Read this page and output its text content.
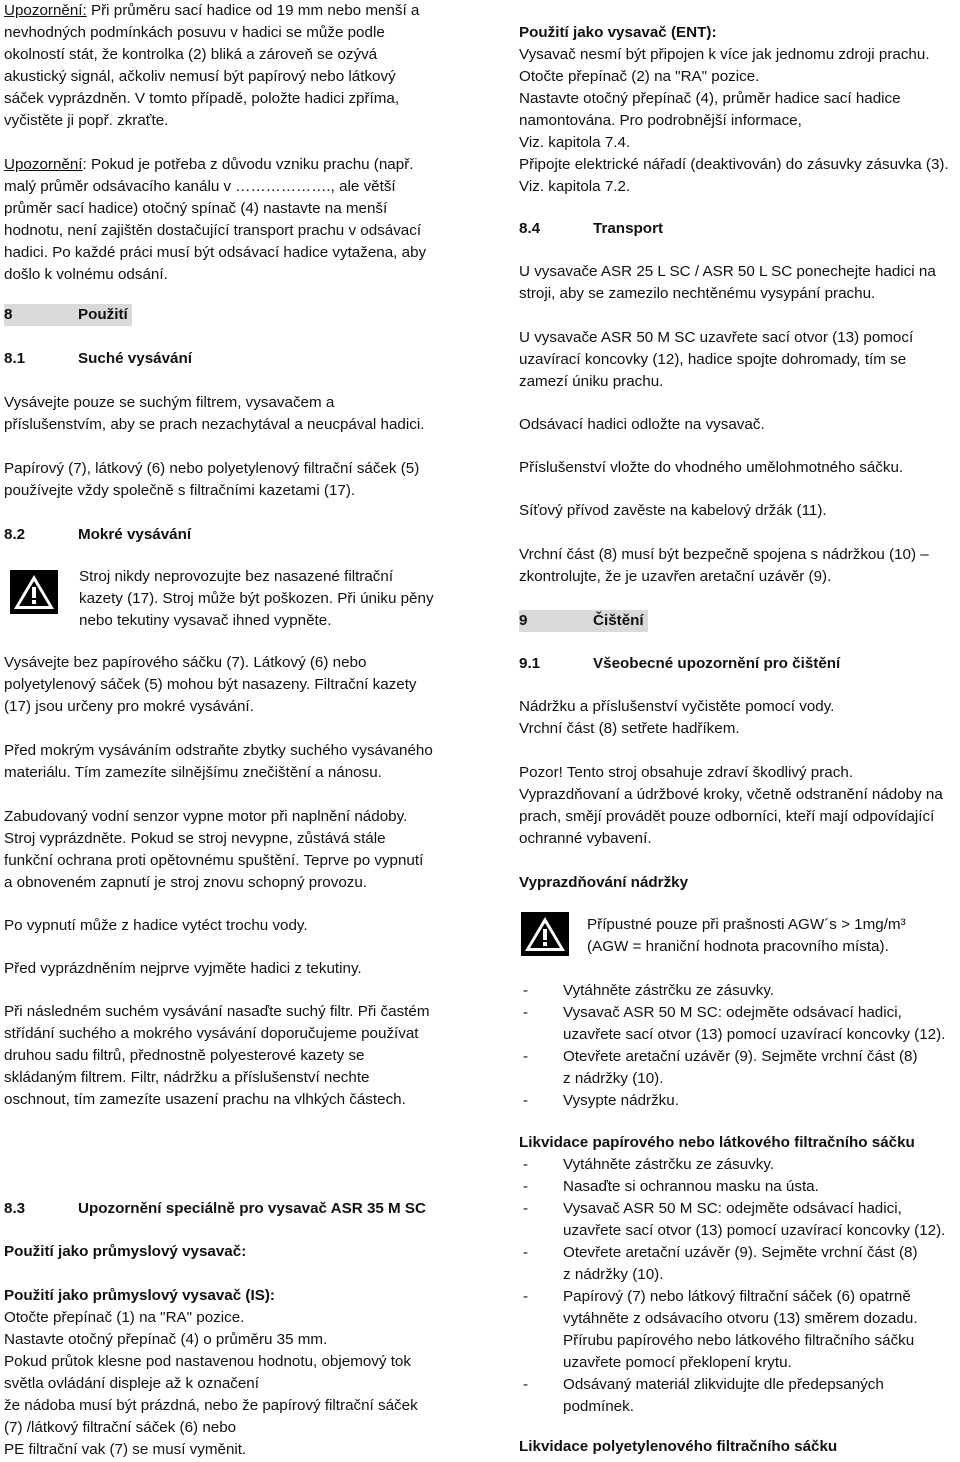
Upozornění: Při průměru sací hadice od 19 mm nebo menší a
nevhodných podmínkách posuvu v hadici se může podle
okolností stát, že kontrolka (2) bliká a zároveň se ozývá
akustický signál, ačkoliv nemusí být papírový nebo látkový
sáček vyprázdněn. V tomto případě, položte hadici zpříma,
vyčistěte ji popř. zkraťte.
Upozornění: Pokud je potřeba z důvodu vzniku prachu (např.
malý průměr odsávacího kanálu v ………………., ale větší
průměr sací hadice) otočný spínač (4) nastavte na menší
hodnotu, není zajištěn dostačující transport prachu v odsávací
hadici. Po každé práci musí být odsávací hadice vytažena, aby
došlo k volnému odsání.
8	Použití
8.1	Suché vysávání
Vysávejte pouze se suchým filtrem, vysavačem a
příslušenstvím, aby se prach nezachytával a neucpával hadici.
Papírový (7), látkový (6) nebo polyetylenový filtrační sáček (5)
používejte vždy společně s filtračními kazetami (17).
8.2	Mokré vysávání
Stroj nikdy neprovozujte bez nasazené filtrační
kazety (17). Stroj může být poškozen. Při úniku pěny
nebo tekutiny vysavač ihned vypněte.
Vysávejte bez papírového sáčku (7). Látkový (6) nebo
polyetylenový sáček (5) mohou být nasazeny. Filtrační kazety
(17) jsou určeny pro mokré vysávání.
Před mokrým vysáváním odstraňte zbytky suchého vysávaného
materiálu. Tím zamezíte silnějšímu znečištění a nánosu.
Zabudovaný vodní senzor vypne motor při naplnění nádoby.
Stroj vyprázdněte. Pokud se stroj nevypne, zůstává stále
funkční ochrana proti opětovnému spuštění. Teprve po vypnutí
a obnoveném zapnutí je stroj znovu schopný provozu.
Po vypnutí může z hadice vytéct trochu vody.
Před vyprázdněním nejprve vyjměte hadici z tekutiny.
Při následném suchém vysávání nasaďte suchý filtr. Při častém
střídání suchého a mokrého vysávání doporučujeme používat
druhou sadu filtrů, přednostně polyesterové kazety se
skládaným filtrem. Filtr, nádržku a příslušenství nechte
oschnout, tím zamezíte usazení prachu na vlhkých částech.
8.3	Upozornění speciálně pro vysavač ASR 35 M SC
Použití jako průmyslový vysavač:
Použití jako průmyslový vysavač (IS):
Otočte přepínač (1) na "RA" pozice.
Nastavte otočný přepínač (4) o průměru 35 mm.
Pokud průtok klesne pod nastavenou hodnotu, objemový tok
světla ovládání displeje až k označení
že nádoba musí být prázdná, nebo že papírový filtrační sáček
(7) /látkový filtrační sáček (6) nebo
PE filtrační vak (7) se musí vyměnit.
Použití jako vysavač (ENT):
Vysavač nesmí být připojen k více jak jednomu zdroji prachu.
Otočte přepínač (2) na "RA" pozice.
Nastavte otočný přepínač (4), průměr hadice sací hadice
namontována. Pro podrobnější informace,
Viz. kapitola 7.4.
Připojte elektrické nářadí (deaktivován) do zásuvky zásuvka (3).
Viz. kapitola 7.2.
8.4	Transport
U vysavače ASR 25 L SC / ASR 50 L SC ponechejte hadici na
stroji, aby se zamezilo nechtěnému vysypání prachu.
U vysavače ASR 50 M SC uzavřete sací otvor (13) pomocí
uzavírací koncovky (12), hadice spojte dohromady, tím se
zamezí úniku prachu.
Odsávací hadici odložte na vysavač.
Příslušenství vložte do vhodného umělohmotného sáčku.
Síťový přívod zavěste na kabelový držák (11).
Vrchní část (8) musí být bezpečně spojena s nádržkou (10) –
zkontrolujte, že je uzavřen aretační uzávěr (9).
9	Čištění
9.1	Všeobecné upozornění pro čištění
Nádržku a příslušenství vyčistěte pomocí vody.
Vrchní část (8) setřete hadříkem.
Pozor! Tento stroj obsahuje zdraví škodlivý prach.
Vyprazdňovaní a údržbové kroky, včetně odstranění nádoby na
prach, smějí provádět pouze odborníci, kteří mají odpovídající
ochranné vybavení.
Vyprazdňování nádržky
Přípustné pouze při prašnosti AGW´s > 1mg/m³
(AGW = hraniční hodnota pracovního místa).
- Vytáhněte zástrčku ze zásuvky.
- Vysavač ASR 50 M SC: odejměte odsávací hadici,
uzavřete sací otvor (13) pomocí uzavírací koncovky (12).
- Otevřete aretační uzávěr (9). Sejměte vrchní část (8)
z nádržky (10).
- Vysypte nádržku.
Likvidace papírového nebo látkového filtračního sáčku
- Vytáhněte zástrčku ze zásuvky.
- Nasaďte si ochrannou masku na ústa.
- Vysavač ASR 50 M SC: odejměte odsávací hadici,
uzavřete sací otvor (13) pomocí uzavírací koncovky (12).
- Otevřete aretační uzávěr (9). Sejměte vrchní část (8)
z nádržky (10).
- Papírový (7) nebo látkový filtrační sáček (6) opatrně
vytáhněte z odsávacího otvoru (13) směrem dozadu.
Přírubu papírového nebo látkového filtračního sáčku
uzavřete pomocí překlopení krytu.
- Odsávaný materiál zlikvidujte dle předepsaných
podmínek.
Likvidace polyetylenového filtračního sáčku
